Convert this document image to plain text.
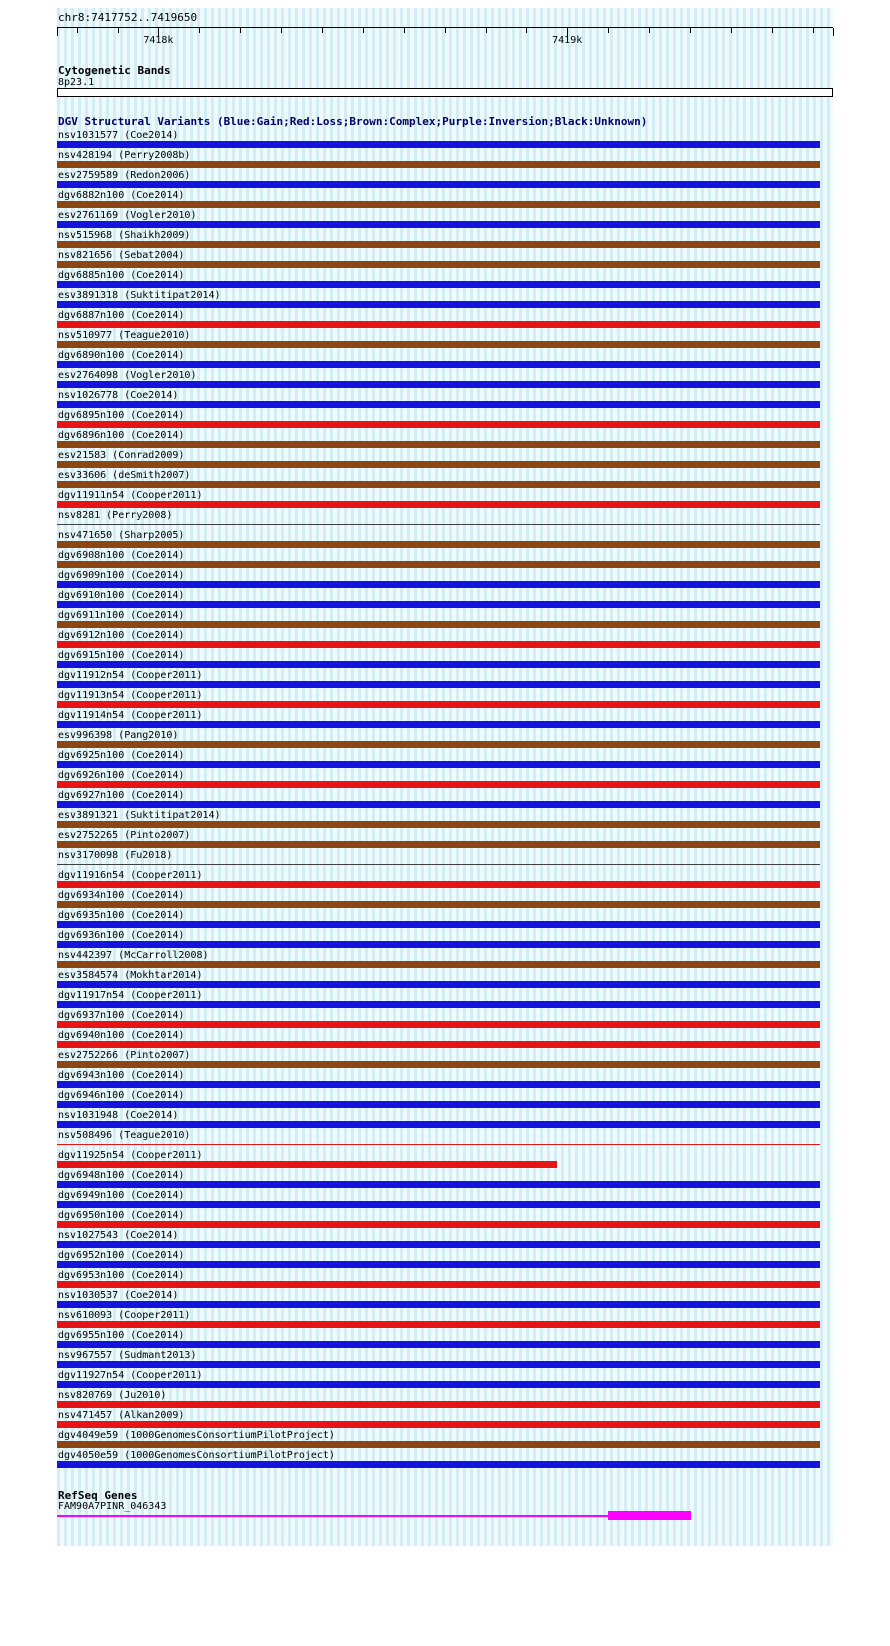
chr8:7417752..7419650
7418k	7419k
Cytogenetic Bands
8p23.1
DGV Structural Variants (Blue:Gain;Red:Loss;Brown:Complex;Purple:Inversion;Black:Unknown)
nsv1031577 (Coe2014)
nsv428194 (Perry2008b)
esv2759589 (Redon2006)
dgv6882n100 (Coe2014)
esv2761169 (Vogler2010)
nsv515968 (Shaikh2009)
nsv821656 (Sebat2004)
dgv6885n100 (Coe2014)
esv3891318 (Suktitipat2014)
dgv6887n100 (Coe2014)
nsv510977 (Teague2010)
dgv6890n100 (Coe2014)
esv2764098 (Vogler2010)
nsv1026778 (Coe2014)
dgv6895n100 (Coe2014)
dgv6896n100 (Coe2014)
esv21583 (Conrad2009)
esv33606 (deSmith2007)
dgv11911n54 (Cooper2011)
nsv8281 (Perry2008)
nsv471650 (Sharp2005)
dgv6908n100 (Coe2014)
dgv6909n100 (Coe2014)
dgv6910n100 (Coe2014)
dgv6911n100 (Coe2014)
dgv6912n100 (Coe2014)
dgv6915n100 (Coe2014)
dgv11912n54 (Cooper2011)
dgv11913n54 (Cooper2011)
dgv11914n54 (Cooper2011)
esv996398 (Pang2010)
dgv6925n100 (Coe2014)
dgv6926n100 (Coe2014)
dgv6927n100 (Coe2014)
esv3891321 (Suktitipat2014)
esv2752265 (Pinto2007)
nsv3170098 (Fu2018)
dgv11916n54 (Cooper2011)
dgv6934n100 (Coe2014)
dgv6935n100 (Coe2014)
dgv6936n100 (Coe2014)
nsv442397 (McCarroll2008)
esv3584574 (Mokhtar2014)
dgv11917n54 (Cooper2011)
dgv6937n100 (Coe2014)
dgv6940n100 (Coe2014)
esv2752266 (Pinto2007)
dgv6943n100 (Coe2014)
dgv6946n100 (Coe2014)
nsv1031948 (Coe2014)
nsv508496 (Teague2010)
dgv11925n54 (Cooper2011)
dgv6948n100 (Coe2014)
dgv6949n100 (Coe2014)
dgv6950n100 (Coe2014)
nsv1027543 (Coe2014)
dgv6952n100 (Coe2014)
dgv6953n100 (Coe2014)
nsv1030537 (Coe2014)
nsv610093 (Cooper2011)
dgv6955n100 (Coe2014)
nsv967557 (Sudmant2013)
dgv11927n54 (Cooper2011)
nsv820769 (Ju2010)
nsv471457 (Alkan2009)
dgv4049e59 (1000GenomesConsortiumPilotProject)
dgv4050e59 (1000GenomesConsortiumPilotProject)
RefSeq Genes
FAM90A7PINR_046343
